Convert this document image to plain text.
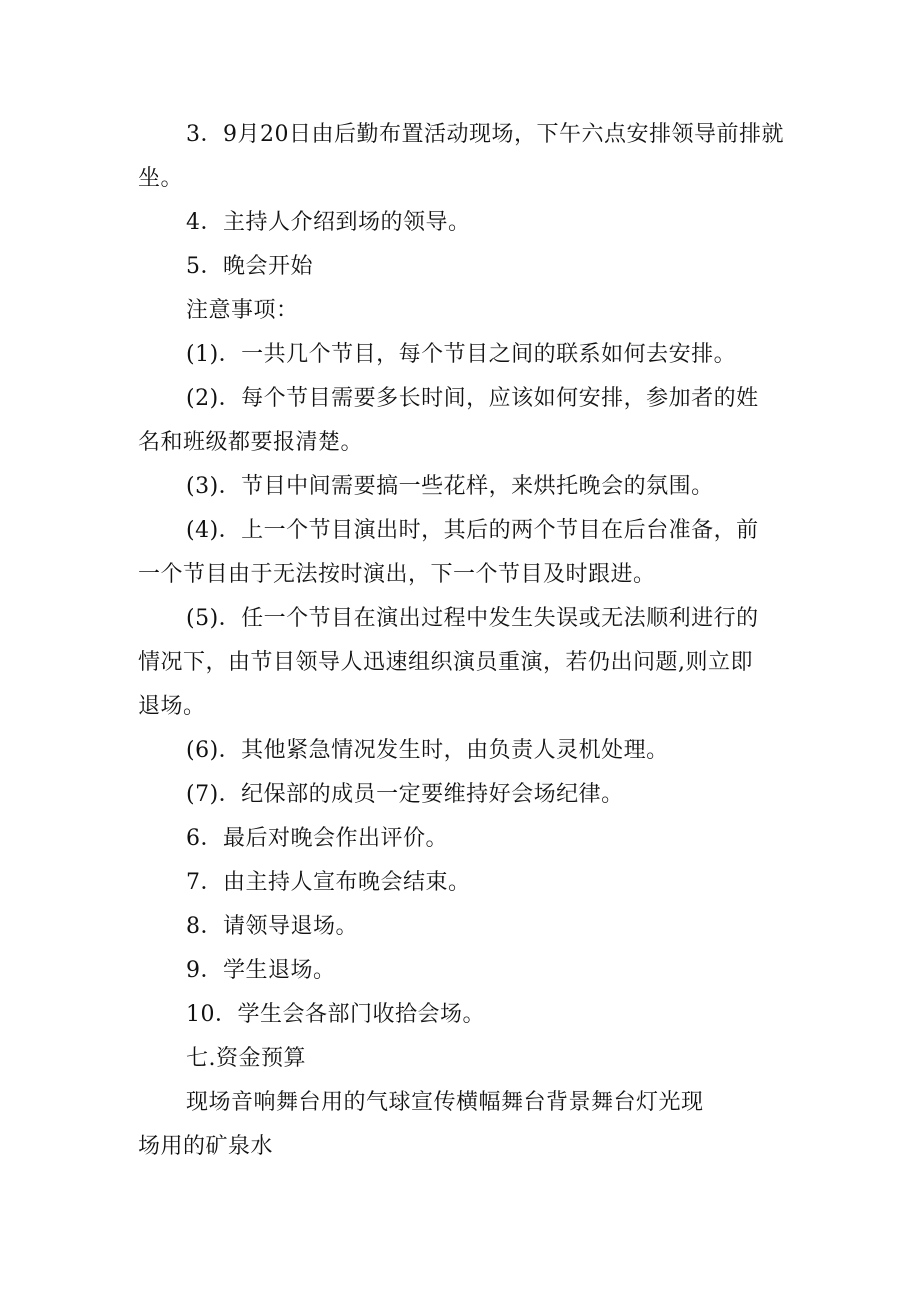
3．9月20日由后勤布置活动现场，下午六点安排领导前排就

坐。

4．主持人介绍到场的领导。

5．晚会开始

注意事项：

(1)．一共几个节目，每个节目之间的联系如何去安排。

(2)．每个节目需要多长时间，应该如何安排，参加者的姓

名和班级都要报清楚。

(3)．节目中间需要搞一些花样，来烘托晚会的氛围。

(4)．上一个节目演出时，其后的两个节目在后台准备，前

一个节目由于无法按时演出，下一个节目及时跟进。

(5)．任一个节目在演出过程中发生失误或无法顺利进行的

情况下，由节目领导人迅速组织演员重演，若仍出问题,则立即

退场。

(6)．其他紧急情况发生时，由负责人灵机处理。

(7)．纪保部的成员一定要维持好会场纪律。

6．最后对晚会作出评价。

7．由主持人宣布晚会结束。

8．请领导退场。

9．学生退场。

10．学生会各部门收拾会场。

七.资金预算

现场音响舞台用的气球宣传横幅舞台背景舞台灯光现

场用的矿泉水
